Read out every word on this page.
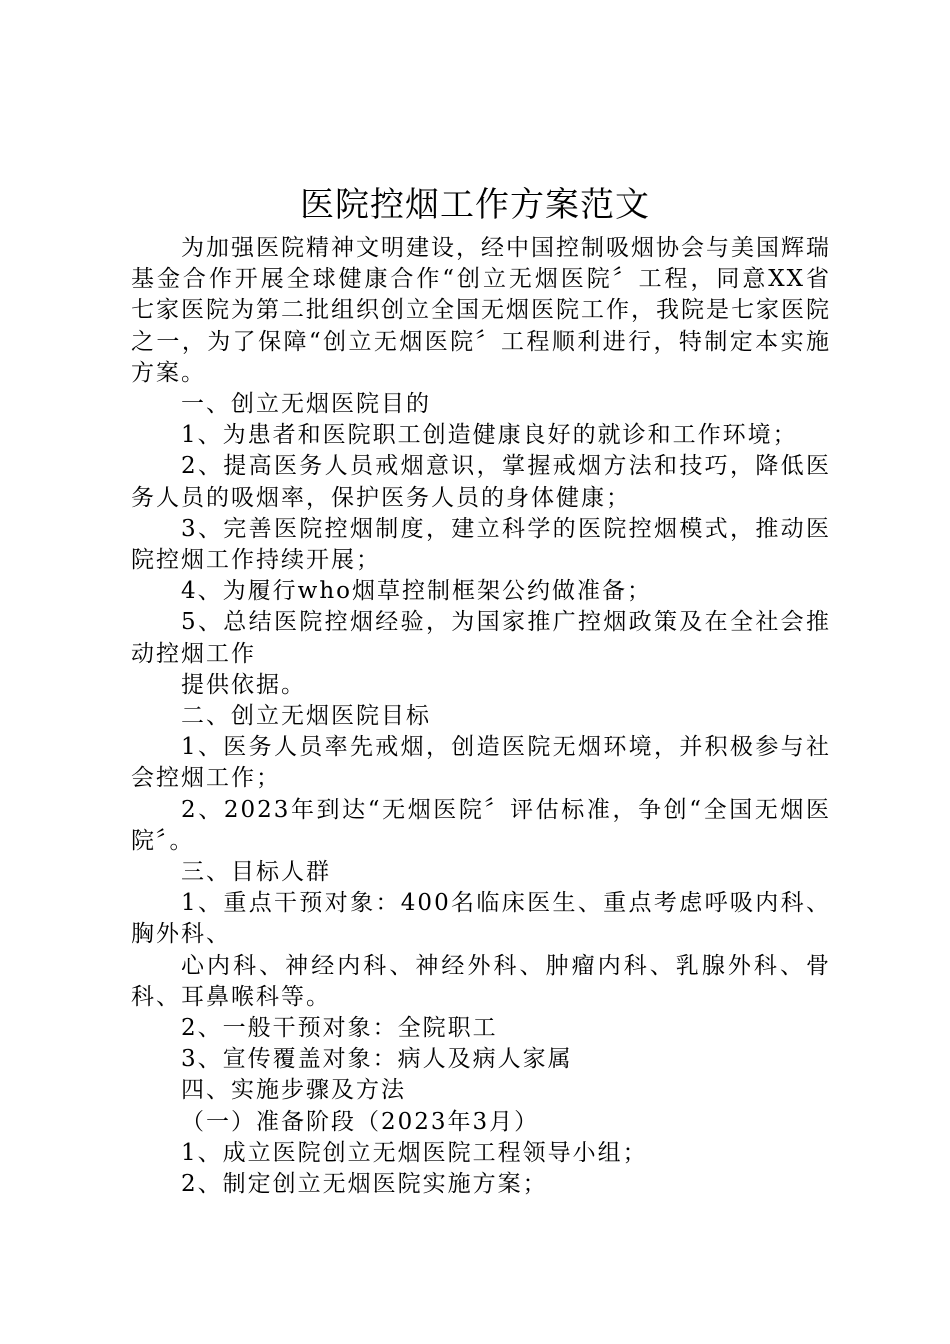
医院控烟工作方案范文

为加强医院精神文明建设，经中国控制吸烟协会与美国辉瑞基金合作开展全球健康合作“创立无烟医院〞工程，同意XX省七家医院为第二批组织创立全国无烟医院工作，我院是七家医院之一，为了保障“创立无烟医院〞工程顺利进行，特制定本实施方案。

一、创立无烟医院目的

1、为患者和医院职工创造健康良好的就诊和工作环境；

2、提高医务人员戒烟意识，掌握戒烟方法和技巧，降低医务人员的吸烟率，保护医务人员的身体健康；

3、完善医院控烟制度，建立科学的医院控烟模式，推动医院控烟工作持续开展；

4、为履行who烟草控制框架公约做准备；

5、总结医院控烟经验，为国家推广控烟政策及在全社会推动控烟工作

提供依据。

二、创立无烟医院目标

1、医务人员率先戒烟，创造医院无烟环境，并积极参与社会控烟工作；

2、2023年到达“无烟医院〞评估标准，争创“全国无烟医院〞。

三、目标人群

1、重点干预对象：400名临床医生、重点考虑呼吸内科、胸外科、

心内科、神经内科、神经外科、肿瘤内科、乳腺外科、骨科、耳鼻喉科等。

2、一般干预对象：全院职工

3、宣传覆盖对象：病人及病人家属

四、实施步骤及方法

（一）准备阶段（2023年3月）

1、成立医院创立无烟医院工程领导小组；

2、制定创立无烟医院实施方案；
